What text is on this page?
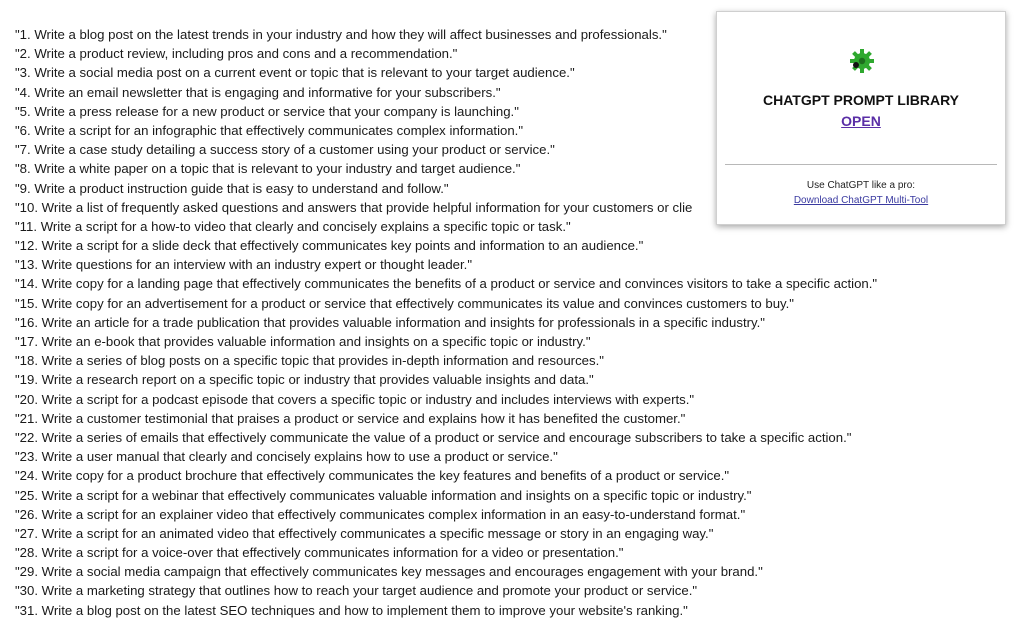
"1. Write a blog post on the latest trends in your industry and how they will affect businesses and professionals."
"2. Write a product review, including pros and cons and a recommendation."
"3. Write a social media post on a current event or topic that is relevant to your target audience."
"4. Write an email newsletter that is engaging and informative for your subscribers."
"5. Write a press release for a new product or service that your company is launching."
"6. Write a script for an infographic that effectively communicates complex information."
"7. Write a case study detailing a success story of a customer using your product or service."
"8. Write a white paper on a topic that is relevant to your industry and target audience."
"9. Write a product instruction guide that is easy to understand and follow."
"10. Write a list of frequently asked questions and answers that provide helpful information for your customers or clie
"11. Write a script for a how-to video that clearly and concisely explains a specific topic or task."
"12. Write a script for a slide deck that effectively communicates key points and information to an audience."
"13. Write questions for an interview with an industry expert or thought leader."
"14. Write copy for a landing page that effectively communicates the benefits of a product or service and convinces visitors to take a specific action."
"15. Write copy for an advertisement for a product or service that effectively communicates its value and convinces customers to buy."
"16. Write an article for a trade publication that provides valuable information and insights for professionals in a specific industry."
"17. Write an e-book that provides valuable information and insights on a specific topic or industry."
"18. Write a series of blog posts on a specific topic that provides in-depth information and resources."
"19. Write a research report on a specific topic or industry that provides valuable insights and data."
"20. Write a script for a podcast episode that covers a specific topic or industry and includes interviews with experts."
"21. Write a customer testimonial that praises a product or service and explains how it has benefited the customer."
"22. Write a series of emails that effectively communicate the value of a product or service and encourage subscribers to take a specific action."
"23. Write a user manual that clearly and concisely explains how to use a product or service."
"24. Write copy for a product brochure that effectively communicates the key features and benefits of a product or service."
"25. Write a script for a webinar that effectively communicates valuable information and insights on a specific topic or industry."
"26. Write a script for an explainer video that effectively communicates complex information in an easy-to-understand format."
"27. Write a script for an animated video that effectively communicates a specific message or story in an engaging way."
"28. Write a script for a voice-over that effectively communicates information for a video or presentation."
"29. Write a social media campaign that effectively communicates key messages and encourages engagement with your brand."
"30. Write a marketing strategy that outlines how to reach your target audience and promote your product or service."
"31. Write a blog post on the latest SEO techniques and how to implement them to improve your website's ranking."
CHATGPT PROMPT LIBRARY
OPEN
Use ChatGPT like a pro:
Download ChatGPT Multi-Tool
